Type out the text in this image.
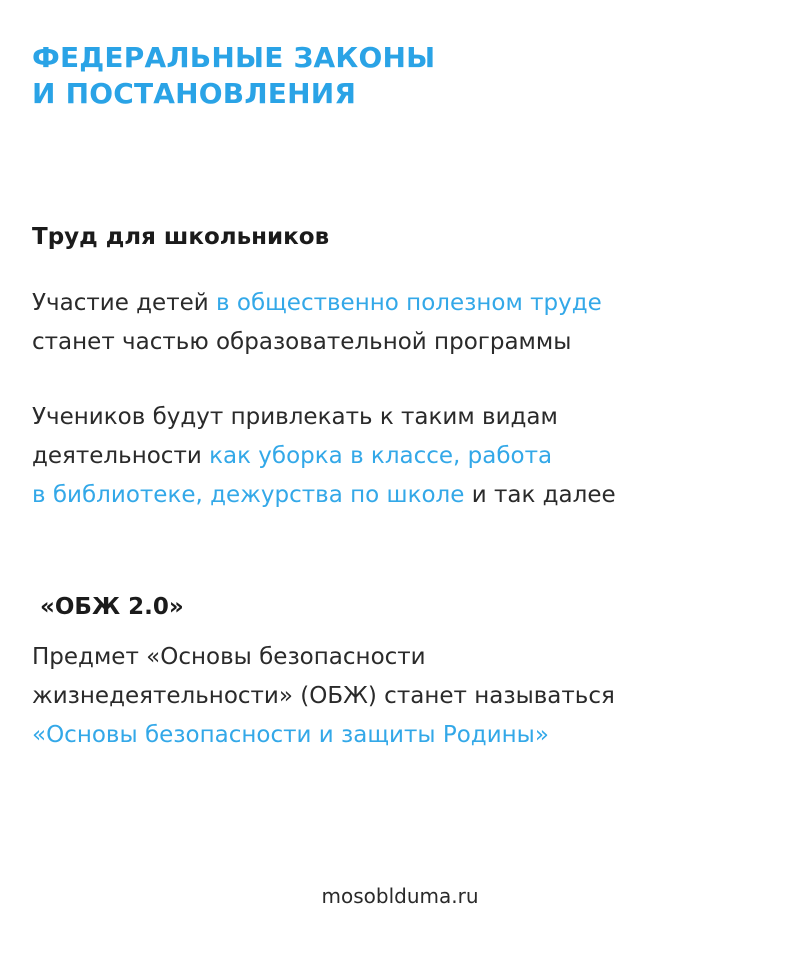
ФЕДЕРАЛЬНЫЕ ЗАКОНЫ
И ПОСТАНОВЛЕНИЯ
Труд для школьников

Участие детей в общественно полезном труде
станет частью образовательной программы

Учеников будут привлекать к таким видам
деятельности как уборка в классе, работа
в библиотеке, дежурства по школе и так далее

«ОБЖ 2.0»

Предмет «Основы безопасности
жизнедеятельности» (ОБЖ) станет называться
«Основы безопасности и защиты Родины»

mosobldumа.ru
